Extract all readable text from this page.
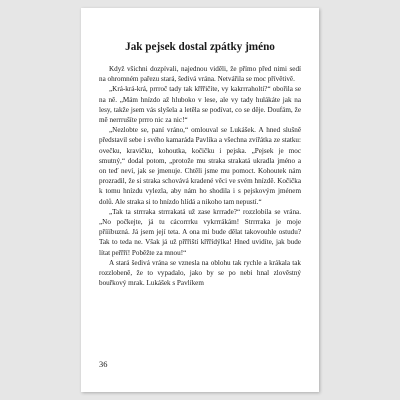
Jak pejsek dostal zpátky jméno

Když všichni dozpívali, najednou viděli, že přímo před nimi sedí na ohromném pařezu stará, šedivá vrána. Netvářila se moc přívětivě.

„Krá-krá-krá, prrroč tady tak křřřičíte, vy kakrrraholti?“ obořila se na ně. „Mám hnízdo až hluboko v lese, ale vy tady hulákáte jak na lesy, takže jsem vás slyšela a letěla se podívat, co se děje. Doufám, že mě nerrrušíte prrro nic za nic!“

„Nezlobte se, paní vráno,“ omlouval se Lukášek. A hned slušně představil sebe i svého kamaráda Pavlíka a všechna zvířátka ze statku: ovečku, kravičku, kohoutka, kočičku i pejska. „Pejsek je moc smutný,“ dodal potom, „protože mu straka strakatá ukradla jméno a on teď neví, jak se jmenuje. Chtěli jsme mu pomoct. Kohoutek nám prozradil, že si straka schovává kradené věci ve svém hnízdě. Kočička k tomu hnízdu vylezla, aby nám ho shodila i s pejskovým jménem dolů. Ale straka si to hnízdo hlídá a nikoho tam nepustí.“

„Tak ta strrraka strrrakatá už zase krrrade?“ rozzlobila se vrána. „No počkejte, já tu cácorrrku vykrrrákám! Strrrraka je moje příííbuzná. Já jsem její teta. A ona mi bude dělat takovouhle ostudu? Tak to teda ne. Však já už přřřiští křřřídýlka! Hned uvidíte, jak bude lítat peřřří! Poběžte za mnou!“

A stará šedivá vrána se vznesla na oblohu tak rychle a krákala tak rozzlobeně, že to vypadalo, jako by se po nebi hnal zlověstný bouřkový mrak. Lukášek s Pavlíkem

36
